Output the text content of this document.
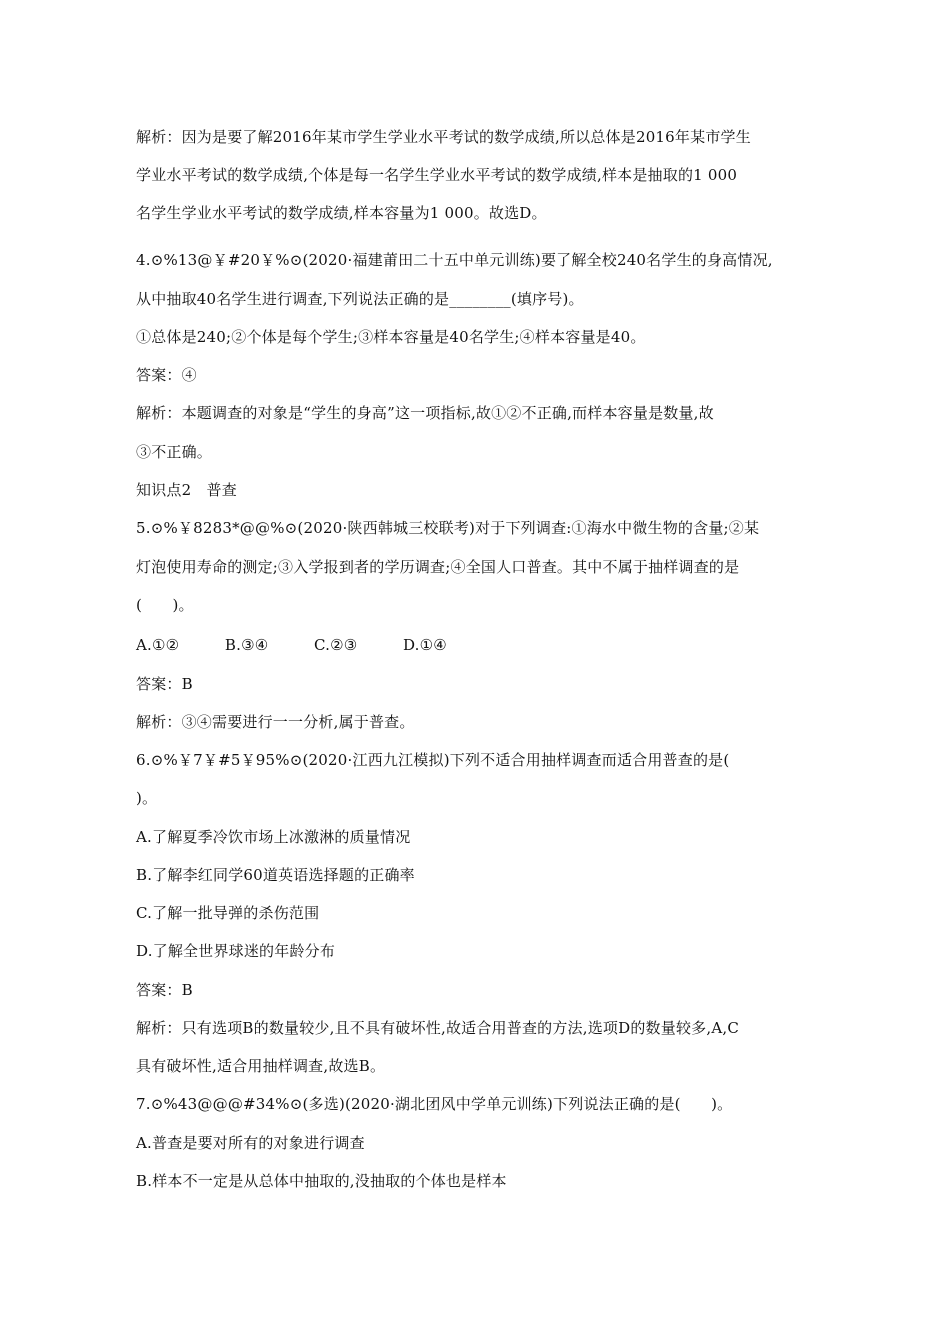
解析：因为是要了解2016年某市学生学业水平考试的数学成绩,所以总体是2016年某市学生
学业水平考试的数学成绩,个体是每一名学生学业水平考试的数学成绩,样本是抽取的1 000
名学生学业水平考试的数学成绩,样本容量为1 000。故选D。
4.⊙%13@￥#20￥%⊙(2020·福建莆田二十五中单元训练)要了解全校240名学生的身高情况,
从中抽取40名学生进行调查,下列说法正确的是________(填序号)。
①总体是240;②个体是每个学生;③样本容量是40名学生;④样本容量是40。
答案：④
解析：本题调查的对象是“学生的身高”这一项指标,故①②不正确,而样本容量是数量,故
③不正确。
知识点2　普查
5.⊙%￥8283*@@%⊙(2020·陕西韩城三校联考)对于下列调查:①海水中微生物的含量;②某
灯泡使用寿命的测定;③入学报到者的学历调查;④全国人口普查。其中不属于抽样调查的是
(　　)。
A.①②　　　B.③④　　　C.②③　　　D.①④
答案：B
解析：③④需要进行一一分析,属于普查。
6.⊙%￥7￥#5￥95%⊙(2020·江西九江模拟)下列不适合用抽样调查而适合用普查的是(
)。
A.了解夏季冷饮市场上冰激淋的质量情况
B.了解李红同学60道英语选择题的正确率
C.了解一批导弹的杀伤范围
D.了解全世界球迷的年龄分布
答案：B
解析：只有选项B的数量较少,且不具有破坏性,故适合用普查的方法,选项D的数量较多,A,C
具有破坏性,适合用抽样调查,故选B。
7.⊙%43@@@#34%⊙(多选)(2020·湖北团风中学单元训练)下列说法正确的是(　　)。
A.普查是要对所有的对象进行调查
B.样本不一定是从总体中抽取的,没抽取的个体也是样本
